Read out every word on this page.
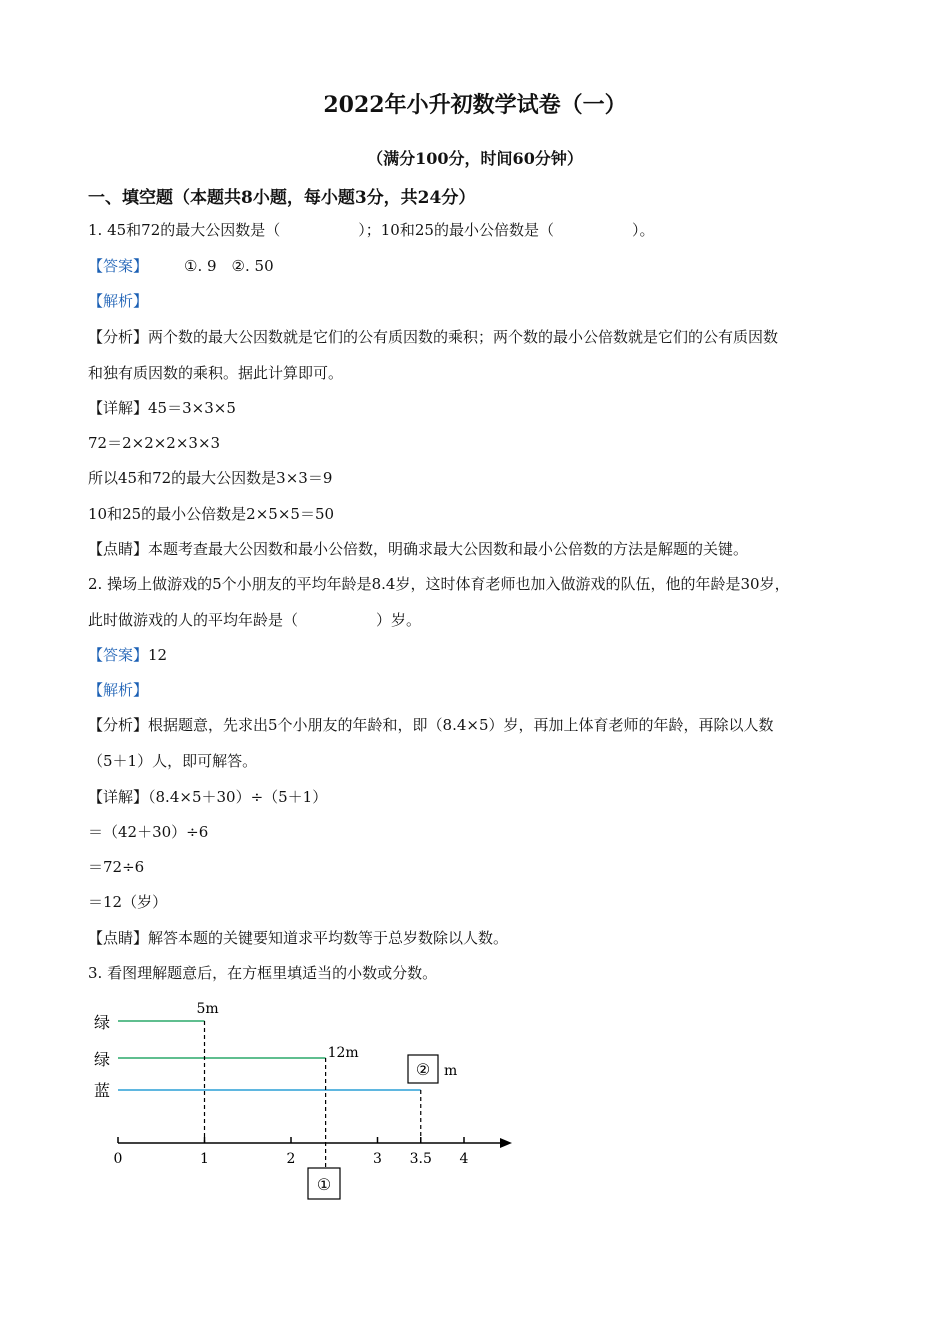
2022年小升初数学试卷（一）
（满分100分，时间60分钟）
一、填空题（本题共8小题，每小题3分，共24分）
1. 45和72的最大公因数是（	）；10和25的最小公倍数是（	）。
【答案】 ①. 9　②. 50
【解析】
【分析】两个数的最大公因数就是它们的公有质因数的乘积；两个数的最小公倍数就是它们的公有质因数
和独有质因数的乘积。据此计算即可。
【详解】45＝3×3×5
72＝2×2×2×3×3
所以45和72的最大公因数是3×3＝9
10和25的最小公倍数是2×5×5＝50
【点睛】本题考查最大公因数和最小公倍数，明确求最大公因数和最小公倍数的方法是解题的关键。
2. 操场上做游戏的5个小朋友的平均年龄是8.4岁，这时体育老师也加入做游戏的队伍，他的年龄是30岁，
此时做游戏的人的平均年龄是（	）岁。
【答案】12
【解析】
【分析】根据题意，先求出5个小朋友的年龄和，即（8.4×5）岁，再加上体育老师的年龄，再除以人数
（5＋1）人，即可解答。
【详解】（8.4×5＋30）÷（5＋1）
＝（42＋30）÷6
＝72÷6
＝12（岁）
【点睛】解答本题的关键要知道求平均数等于总岁数除以人数。
3. 看图理解题意后，在方框里填适当的小数或分数。
绿
绿
蓝
5m
12m
② m
0	1	2	3 3.5 4
①
